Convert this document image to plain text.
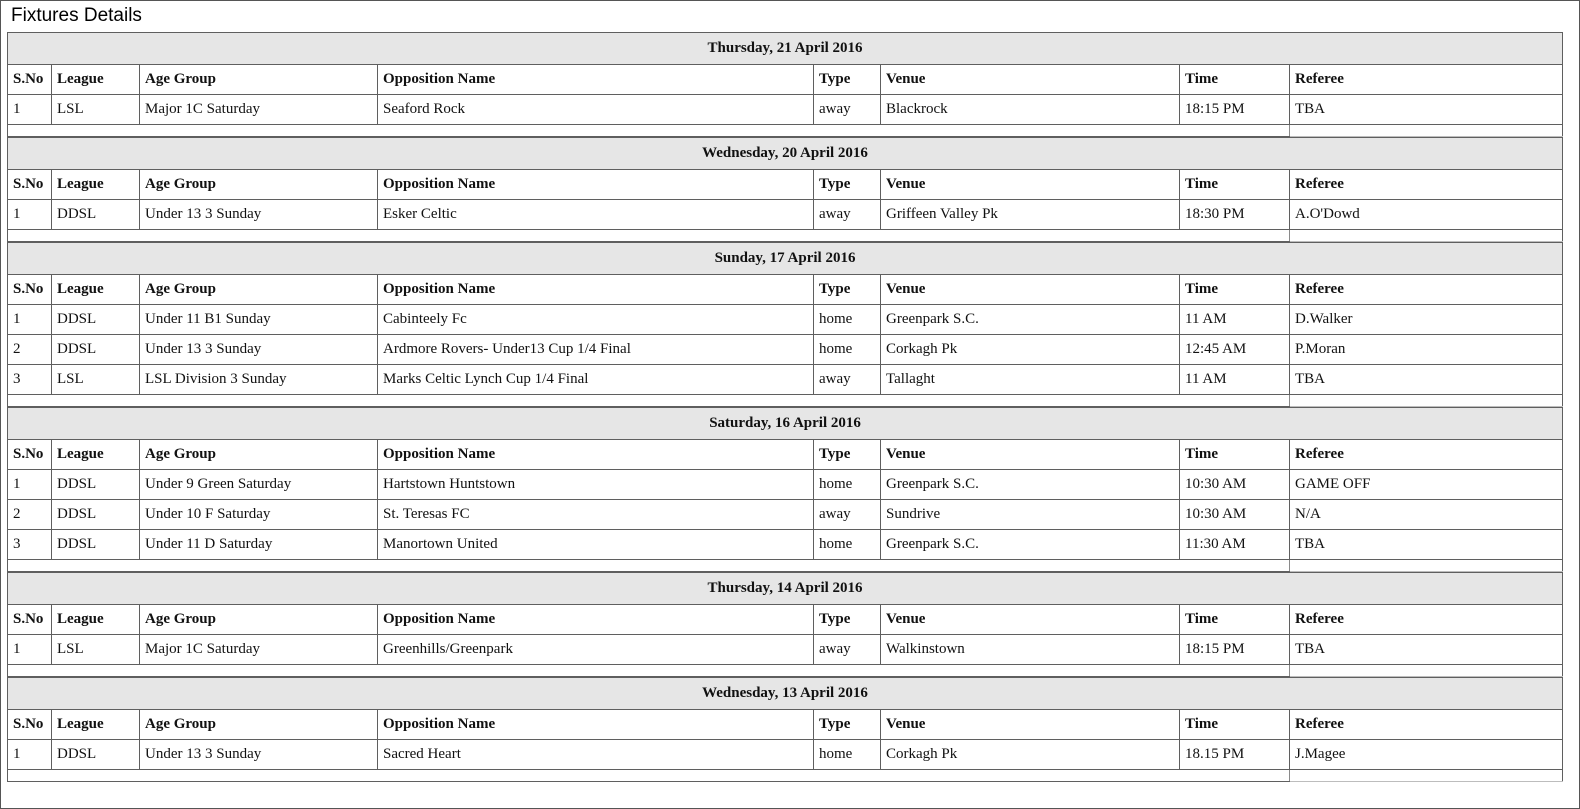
Fixtures Details
Thursday, 21 April 2016							
S.No	League	Age Group	Opposition Name	Type	Venue	Time	Referee
1	LSL	Major 1C Saturday	Seaford Rock	away	Blackrock	18:15 PM	TBA

Wednesday, 20 April 2016							
S.No	League	Age Group	Opposition Name	Type	Venue	Time	Referee
1	DDSL	Under 13 3 Sunday	Esker Celtic	away	Griffeen Valley Pk	18:30 PM	A.O'Dowd

Sunday, 17 April 2016							
S.No	League	Age Group	Opposition Name	Type	Venue	Time	Referee
1	DDSL	Under 11 B1 Sunday	Cabinteely Fc	home	Greenpark S.C.	11 AM	D.Walker
2	DDSL	Under 13 3 Sunday	Ardmore Rovers- Under13 Cup 1/4 Final	home	Corkagh Pk	12:45 AM	P.Moran
3	LSL	LSL Division 3 Sunday	Marks Celtic Lynch Cup 1/4 Final	away	Tallaght	11 AM	TBA

Saturday, 16 April 2016							
S.No	League	Age Group	Opposition Name	Type	Venue	Time	Referee
1	DDSL	Under 9 Green Saturday	Hartstown Huntstown	home	Greenpark S.C.	10:30 AM	GAME OFF
2	DDSL	Under 10 F Saturday	St. Teresas FC	away	Sundrive	10:30 AM	N/A
3	DDSL	Under 11 D Saturday	Manortown United	home	Greenpark S.C.	11:30 AM	TBA

Thursday, 14 April 2016							
S.No	League	Age Group	Opposition Name	Type	Venue	Time	Referee
1	LSL	Major 1C Saturday	Greenhills/Greenpark	away	Walkinstown	18:15 PM	TBA

Wednesday, 13 April 2016							
S.No	League	Age Group	Opposition Name	Type	Venue	Time	Referee
1	DDSL	Under 13 3 Sunday	Sacred Heart	home	Corkagh Pk	18.15 PM	J.Magee
